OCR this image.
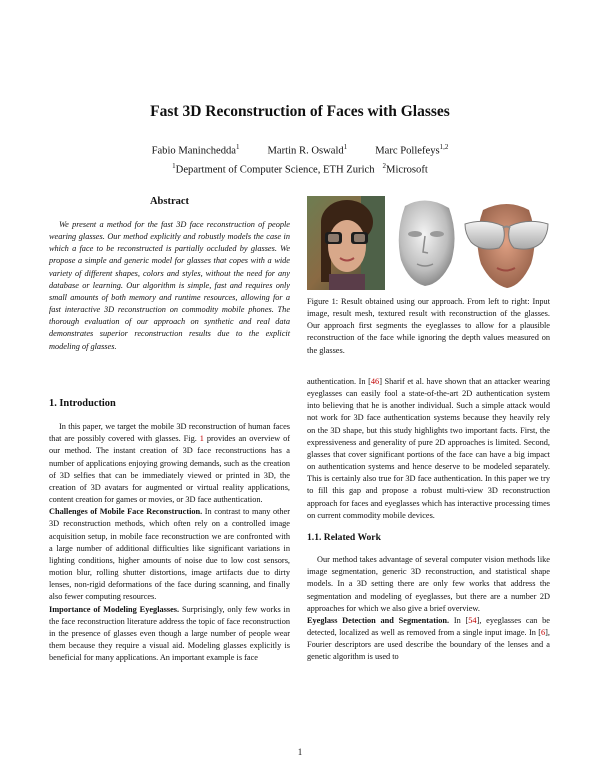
Fast 3D Reconstruction of Faces with Glasses
Fabio Maninchedda$^1$	Martin R. Oswald$^1$	Marc Pollefeys$^{1,2}$
$^1$Department of Computer Science, ETH Zurich $^2$Microsoft
Abstract

We present a method for the fast 3D face reconstruction of people wearing glasses. Our method explicitly and robustly models the case in which a face to be reconstructed is partially occluded by glasses. We propose a simple and generic model for glasses that copes with a wide variety of different shapes, colors and styles, without the need for any database or learning. Our algorithm is simple, fast and requires only small amounts of both memory and runtime resources, allowing for a fast interactive 3D reconstruction on commodity mobile phones. The thorough evaluation of our approach on synthetic and real data demonstrates superior reconstruction results due to the explicit modeling of glasses.

1. Introduction

In this paper, we target the mobile 3D reconstruction of human faces that are possibly covered with glasses. Fig. 1 provides an overview of our method. The instant creation of 3D face reconstructions has a number of applications enjoying growing demands, such as the creation of 3D selfies that can be immediately viewed or printed in 3D, the creation of 3D avatars for augmented or virtual reality applications, content creation for games or movies, or 3D face authentication.

Challenges of Mobile Face Reconstruction. In contrast to many other 3D reconstruction methods, which often rely on a controlled image acquisition setup, in mobile face reconstruction we are confronted with a large number of additional difficulties like significant variations in lighting conditions, higher amounts of noise due to low cost sensors, motion blur, rolling shutter distortions, image artifacts due to dirty lenses, non-rigid deformations of the face during scanning, and finally also fewer computing resources.

Importance of Modeling Eyeglasses. Surprisingly, only few works in the face reconstruction literature address the topic of face reconstruction in the presence of glasses even though a large number of people wear them because they require a visual aid. Modeling glasses explicitly is beneficial for many applications. An important example is face

Figure 1: Result obtained using our approach. From left to right: Input image, result mesh, textured result with reconstruction of the glasses. Our approach first segments the eyeglasses to allow for a plausible reconstruction of the face while ignoring the depth values measured on the glasses.

authentication. In [46] Sharif et al. have shown that an attacker wearing eyeglasses can easily fool a state-of-the-art 2D authentication system into believing that he is another individual. Such a simple attack would not work for 3D face authentication systems because they heavily rely on the 3D shape, but this study highlights two important facts. First, the expressiveness and generality of pure 2D approaches is limited. Second, glasses that cover significant portions of the face can have a big impact on authentication systems and hence deserve to be modeled separately. This is certainly also true for 3D face authentication. In this paper we try to fill this gap and propose a robust multi-view 3D reconstruction approach for faces and eyeglasses which has interactive processing times on current commodity mobile devices.

1.1. Related Work

Our method takes advantage of several computer vision methods like image segmentation, generic 3D reconstruction, and statistical shape models. In a 3D setting there are only few works that address the segmentation and modeling of eyeglasses, but there are a number 2D approaches for which we also give a brief overview.

Eyeglass Detection and Segmentation. In [54], eyeglasses can be detected, localized as well as removed from a single input image. In [6], Fourier descriptors are used describe the boundary of the lenses and a genetic algorithm is used to

1
